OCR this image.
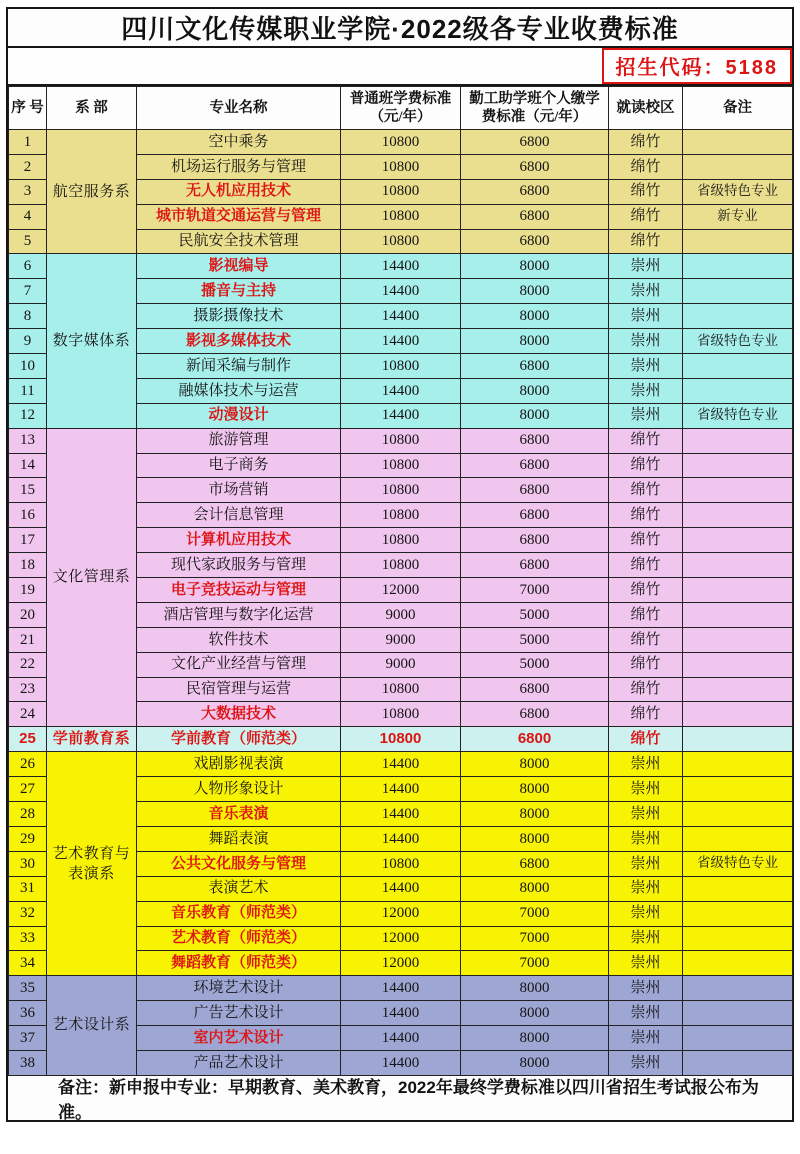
四川文化传媒职业学院·2022级各专业收费标准
招生代码：5188
序 号	系 部	专业名称	普通班学费标准（元/年）	勤工助学班个人缴学费标准（元/年）	就读校区	备注
1	航空服务系	空中乘务	10800	6800	绵竹	
2		机场运行服务与管理	10800	6800	绵竹	
3		无人机应用技术	10800	6800	绵竹	省级特色专业
4		城市轨道交通运营与管理	10800	6800	绵竹	新专业
5		民航安全技术管理	10800	6800	绵竹	
6	数字媒体系	影视编导	14400	8000	崇州	
7		播音与主持	14400	8000	崇州	
8		摄影摄像技术	14400	8000	崇州	
9		影视多媒体技术	14400	8000	崇州	省级特色专业
10		新闻采编与制作	10800	6800	崇州	
11		融媒体技术与运营	14400	8000	崇州	
12		动漫设计	14400	8000	崇州	省级特色专业
13	文化管理系	旅游管理	10800	6800	绵竹	
14		电子商务	10800	6800	绵竹	
15		市场营销	10800	6800	绵竹	
16		会计信息管理	10800	6800	绵竹	
17		计算机应用技术	10800	6800	绵竹	
18		现代家政服务与管理	10800	6800	绵竹	
19		电子竞技运动与管理	12000	7000	绵竹	
20		酒店管理与数字化运营	9000	5000	绵竹	
21		软件技术	9000	5000	绵竹	
22		文化产业经营与管理	9000	5000	绵竹	
23		民宿管理与运营	10800	6800	绵竹	
24		大数据技术	10800	6800	绵竹	
25	学前教育系	学前教育（师范类）	10800	6800	绵竹	
26	艺术教育与表演系	戏剧影视表演	14400	8000	崇州	
27		人物形象设计	14400	8000	崇州	
28		音乐表演	14400	8000	崇州	
29		舞蹈表演	14400	8000	崇州	
30		公共文化服务与管理	10800	6800	崇州	省级特色专业
31		表演艺术	14400	8000	崇州	
32		音乐教育（师范类）	12000	7000	崇州	
33		艺术教育（师范类）	12000	7000	崇州	
34		舞蹈教育（师范类）	12000	7000	崇州	
35	艺术设计系	环境艺术设计	14400	8000	崇州	
36		广告艺术设计	14400	8000	崇州	
37		室内艺术设计	14400	8000	崇州	
38		产品艺术设计	14400	8000	崇州	
备注：新申报中专业：早期教育、美术教育，2022年最终学费标准以四川省招生考试报公布为准。
